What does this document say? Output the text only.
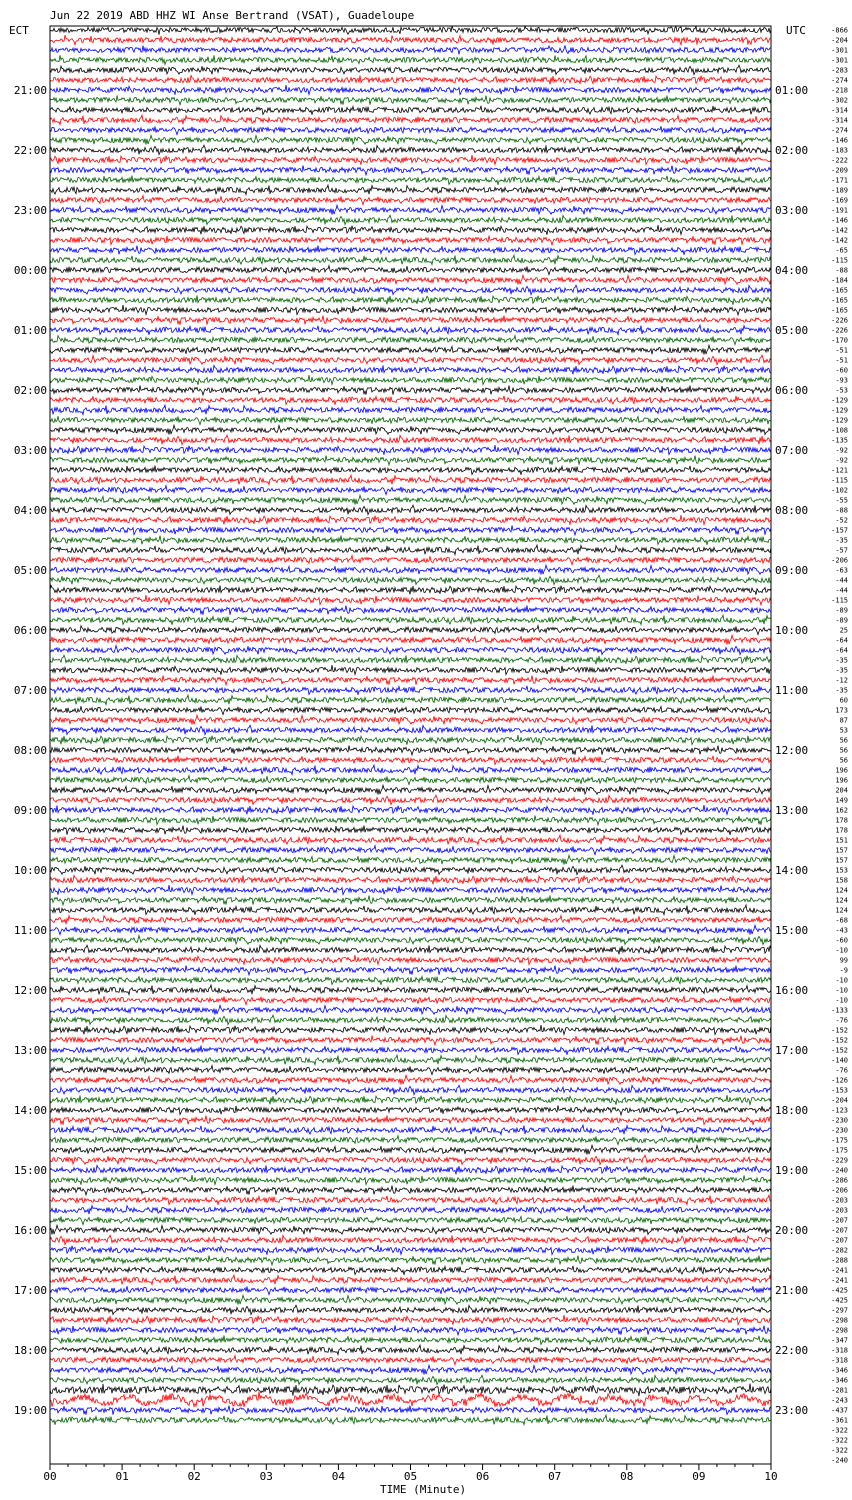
Jun 22 2019 ABD HHZ WI Anse Bertrand (VSAT), Guadeloupe
ECT	UTC
TIME (Minute)
00	01	02	03	04	05	06	07	08	09	10
21:00
22:00
23:00
00:00
01:00
02:00
03:00
04:00
05:00
06:00
07:00
08:00
09:00
10:00
11:00
12:00
13:00
14:00
15:00
16:00
17:00
18:00
19:00
01:00
02:00
03:00
04:00
05:00
06:00
07:00
08:00
09:00
10:00
11:00
12:00
13:00
14:00
15:00
16:00
17:00
18:00
19:00
20:00
21:00
22:00
23:00
-866
-204
-301
-301
-283
-274
-218
-302
-314
-314
-274
-146
-183
-222
-209
-171
-189
-169
-191
-146
-142
-142
-65
-115
-88
-184
-165
-165
-165
-226
-226
-170
-51
-51
-60
-93
-53
-129
-129
-129
-108
-135
-92
-92
-121
-115
-102
-55
-88
-52
-157
-35
-57
-206
-63
-44
-44
-115
-89
-89
25
-64
-64
-35
-35
-12
-35
60
173
87
53
56
56
56
196
196
204
149
162
178
178
151
157
157
153
158
124
124
124
-68
-43
-60
-10
99
-9
-10
-10
-10
-133
-76
-152
-152
-152
-140
-76
-126
-153
-204
-123
-230
-230
-175
-175
-229
-240
-286
-206
-203
-203
-207
-207
-207
-282
-288
-241
-241
-425
-425
-297
-298
-298
-347
-318
-318
-346
-346
-281
-243
-437
-361
-322
-322
-322
-240
